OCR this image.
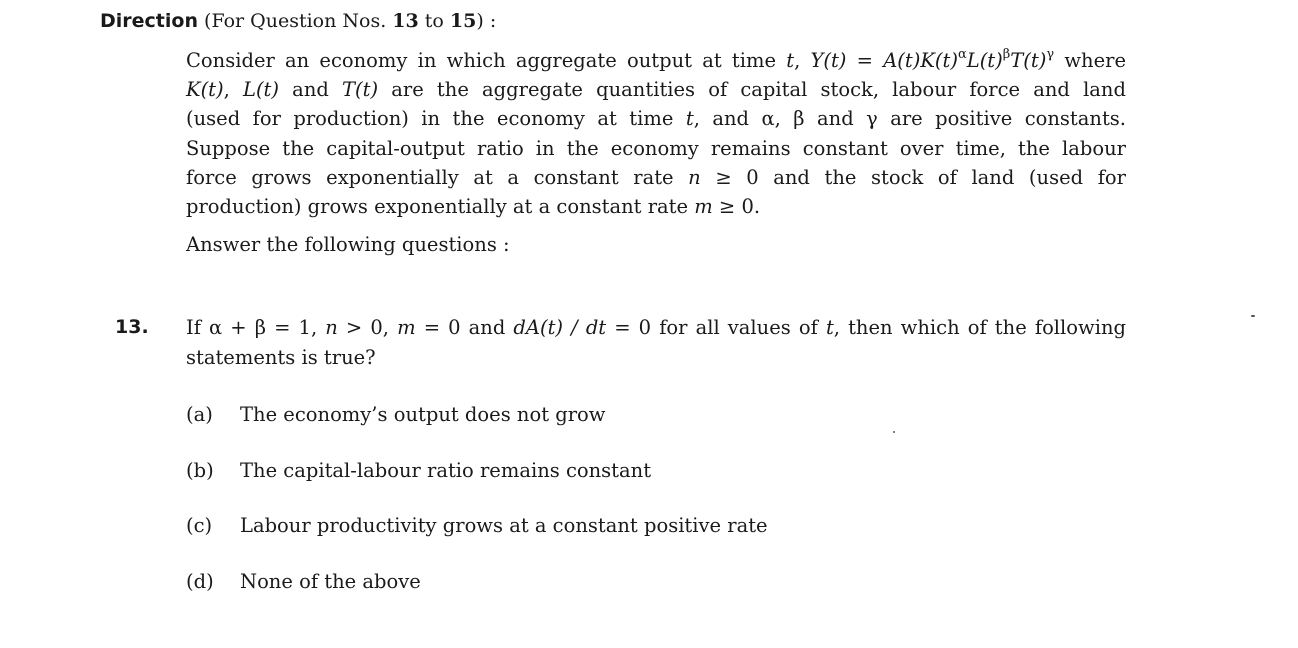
Direction (For Question Nos. 13 to 15) :
Consider an economy in which aggregate output at time t, $Y(t) = A(t)K(t)^\alpha L(t)^\beta T(t)^\gamma$ where
K(t), L(t) and T(t) are the aggregate quantities of capital stock, labour force and land
(used for production) in the economy at time t, and α, β and γ are positive constants.
Suppose the capital-output ratio in the economy remains constant over time, the labour
force grows exponentially at a constant rate n ≥ 0 and the stock of land (used for
production) grows exponentially at a constant rate m ≥ 0.
Answer the following questions :
13. If α + β = 1, n > 0, m = 0 and dA(t) / dt = 0 for all values of t, then which of the following
statements is true?
(a) The economy’s output does not grow
(b) The capital-labour ratio remains constant
(c) Labour productivity grows at a constant positive rate
(d) None of the above
